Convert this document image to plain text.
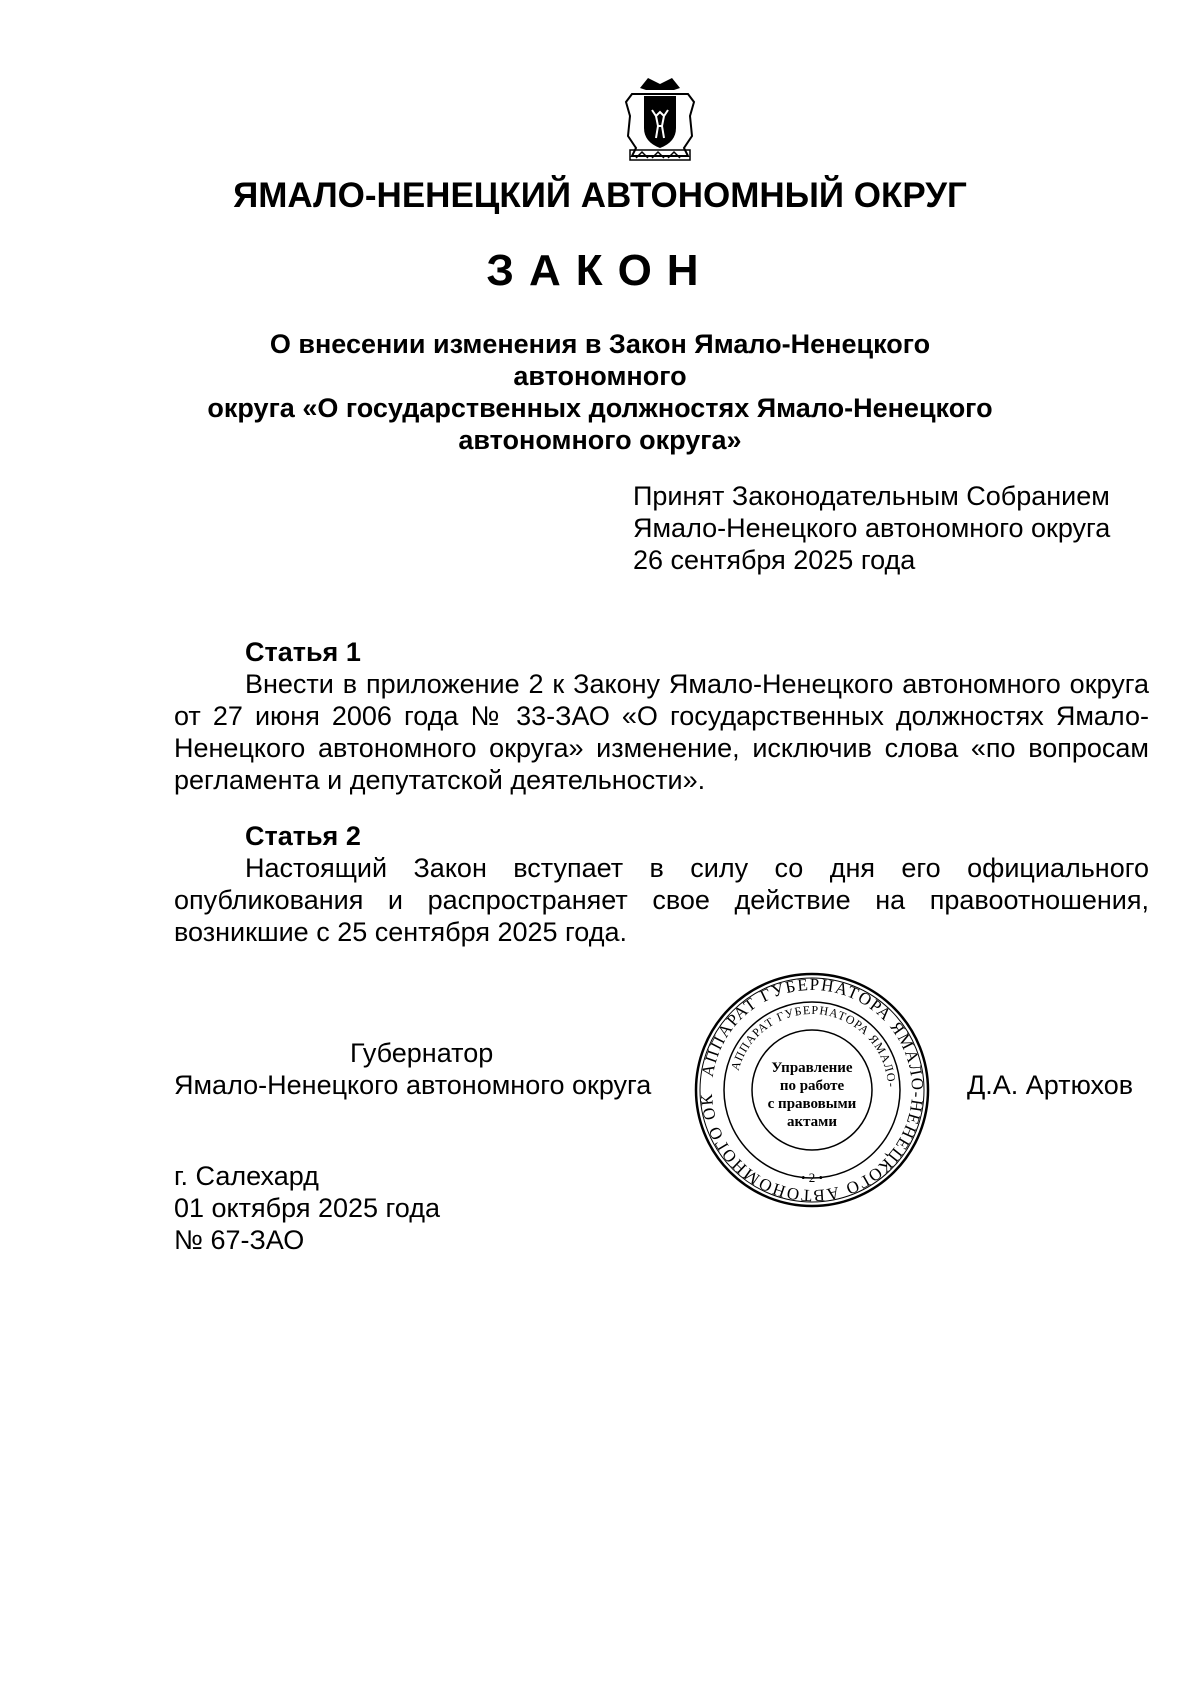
ЯМАЛО-НЕНЕЦКИЙ АВТОНОМНЫЙ ОКРУГ
ЗАКОН
О внесении изменения в Закон Ямало-Ненецкого автономного
округа «О государственных должностях Ямало-Ненецкого
автономного округа»
Принят Законодательным Собранием
Ямало-Ненецкого автономного округа
26 сентября 2025 года
Статья 1

Внести в приложение 2 к Закону Ямало-Ненецкого автономного округа от 27 июня 2006 года № 33-ЗАО «О государственных должностях Ямало-Ненецкого автономного округа» изменение, исключив слова «по вопросам регламента и депутатской деятельности».

Статья 2

Настоящий Закон вступает в силу со дня его официального опубликования и распространяет свое действие на правоотношения, возникшие с 25 сентября 2025 года.

Губернатор
Ямало-Ненецкого автономного округа	Д.А. Артюхов
АППАРАТ ГУБЕРНАТОРА ЯМАЛО-НЕНЕЦКОГО АВТОНОМНОГО ОК
АППАРАТ ГУБЕРНАТОРА ЯМАЛО-
Управление
по работе
с правовыми
актами
• 2 •
г. Салехард
01 октября 2025 года
№ 67-ЗАО
